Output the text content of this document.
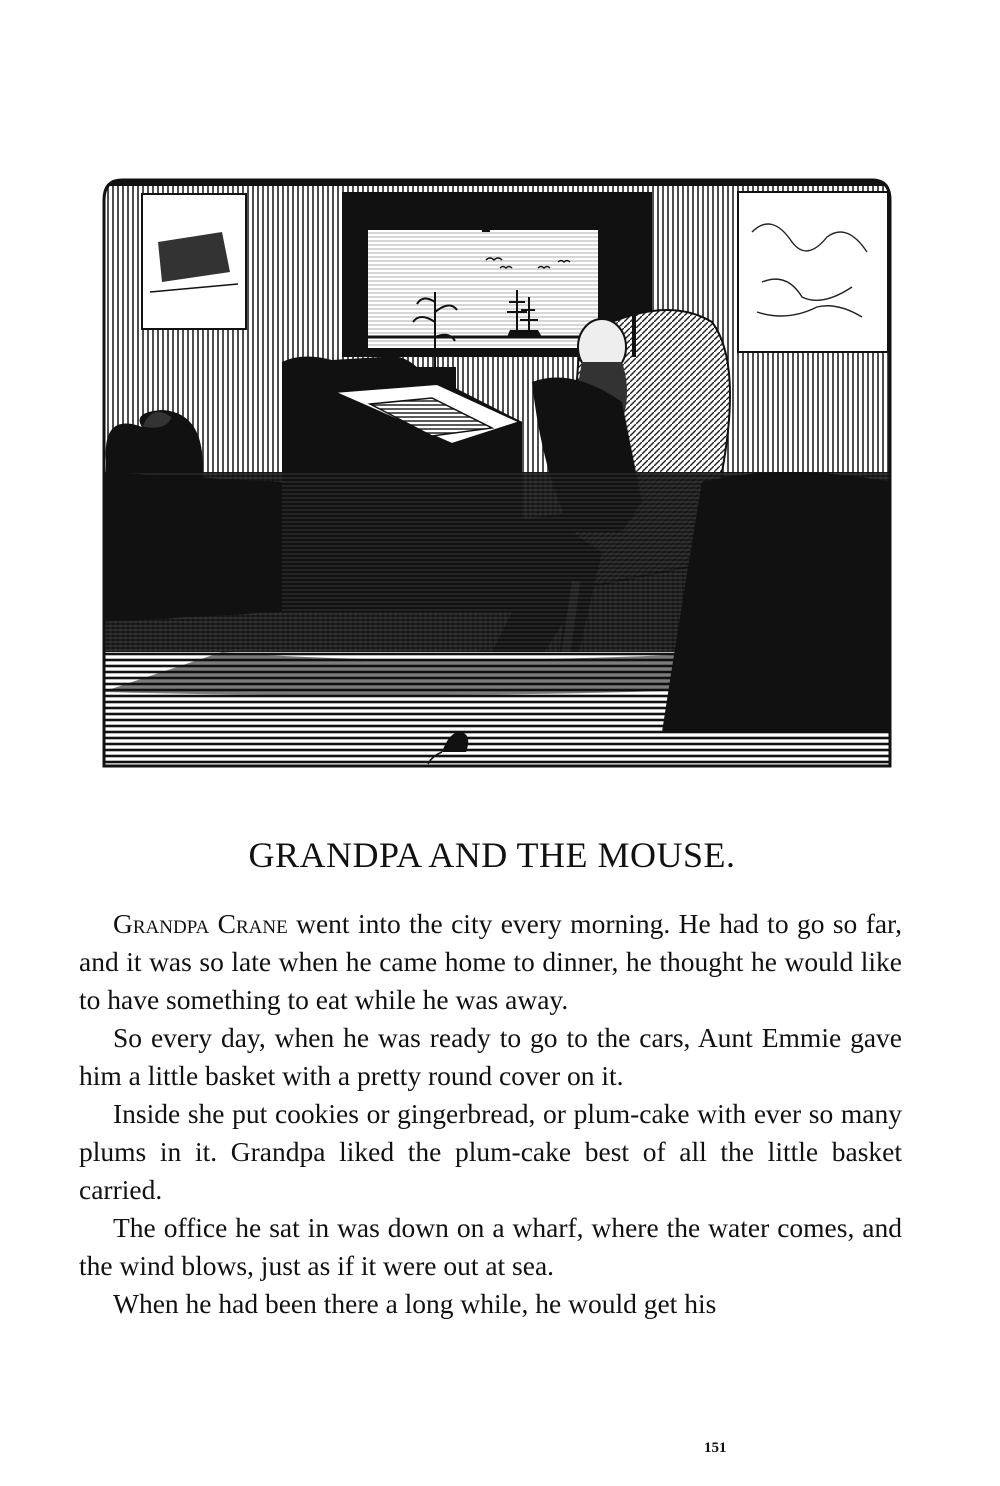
GRANDPA AND THE MOUSE.

Grandpa Crane went into the city every morning. He had to go so far, and it was so late when he came home to dinner, he thought he would like to have something to eat while he was away.

So every day, when he was ready to go to the cars, Aunt Emmie gave him a little basket with a pretty round cover on it.

Inside she put cookies or gingerbread, or plum-cake with ever so many plums in it. Grandpa liked the plum-cake best of all the little basket carried.

The office he sat in was down on a wharf, where the water comes, and the wind blows, just as if it were out at sea.

When he had been there a long while, he would get his

151
